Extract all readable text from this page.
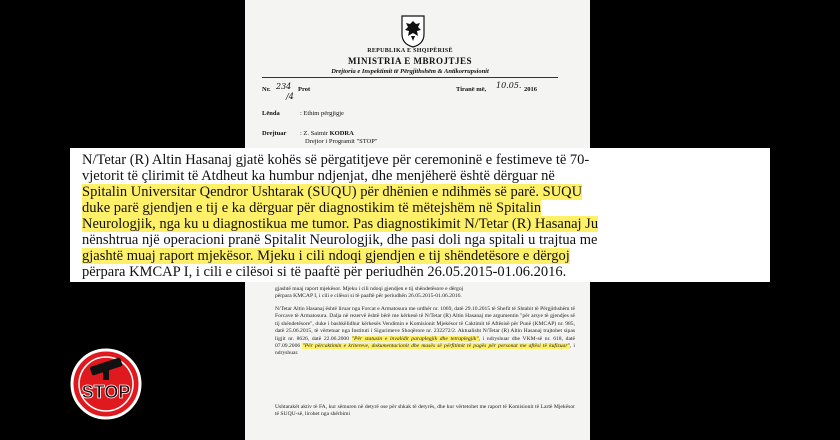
REPUBLIKA E SHQIPËRISË
MINISTRIA E MBROJTJES
Drejtoria e Inspektimit të Përgjithshëm & Antikorrupsionit
Nr. 234
/4
Prot	Tiranë më, 10.05. 2016
Lënda	: Ethim përgjigje
Drejtuar : Z. Saimir KODRA
Drejtor i Programit "STOP"
N/Tetar (R) Altin Hasanaj gjatë kohës së përgatitjeve për ceremoninë e festimeve të 70-
vjetorit të çlirimit të Atdheut ka humbur ndjenjat, dhe menjëherë është dërguar në
Spitalin Universitar Qendror Ushtarak (SUQU) për dhënien e ndihmës së parë. SUQU
duke parë gjendjen e tij e ka dërguar për diagnostikim të mëtejshëm në Spitalin
Neurologjik, nga ku u diagnostikua me tumor. Pas diagnostikimit N/Tetar (R) Hasanaj Ju
nënshtrua një operacioni pranë Spitalit Neurologjik, dhe pasi doli nga spitali u trajtua me
gjashtë muaj raport mjekësor. Mjeku i cili ndoqi gjendjen e tij shëndetësore e dërgoj
përpara KMCAP I, i cili e cilësoi si të paaftë për periudhën 26.05.2015-01.06.2016.

gjashtë muaj raport mjekësor. Mjeku i cili ndoqi gjendjen e tij shëndetësore e dërgoj

përpara KMCAP I, i cili e cilësoi si të paaftë për periudhën 26.05.2015-01.06.2016.

N/Tetar Altin Hasanaj është liruar nga Forcat e Armatosura me urdhër nr. 1069, datë 29.10.2015 të Shefit të Shtabit të Përgjithshëm të Forcave të Armatosura. Dalja në rezervë është bërë me kërkesë të N/Tetar (R) Altin Hasanaj me argumentin "për arsye të gjendjes së tij shëndetësore", duke i bashkëlidhur kërkesës Vendimin e Komisionit Mjekësor të Caktimit të Aftësisë për Punë (KMCAP) nr. 985, datë 25.06.2015, të vërtetuar nga Instituti i Sigurimeve Shoqërore nr. 232272/2. Aktualisht N/Tetar (R) Altin Hasanaj trajtohet sipas ligjit nr. 8626, datë 22.06.2000 "Për statusin e invalidit paraplegjik dhe tetraplegjik", i ndryshuar dhe VKM-së nr. 618, datë 07.09.2006 "Për përcaktimin e kritereve, dokumentacionit dhe masës së përfitimit të pagës për personat me aftësi të kufizuar", i ndryshuar.

Ushtarakët aktiv të FA, kur sëmuren në detyrë ose për shkak të detyrës, dhe kur vërtetohet me raport të Komisionit të Lartë Mjekësor të SUQU-së, lirohet nga shërbimi

STOP
